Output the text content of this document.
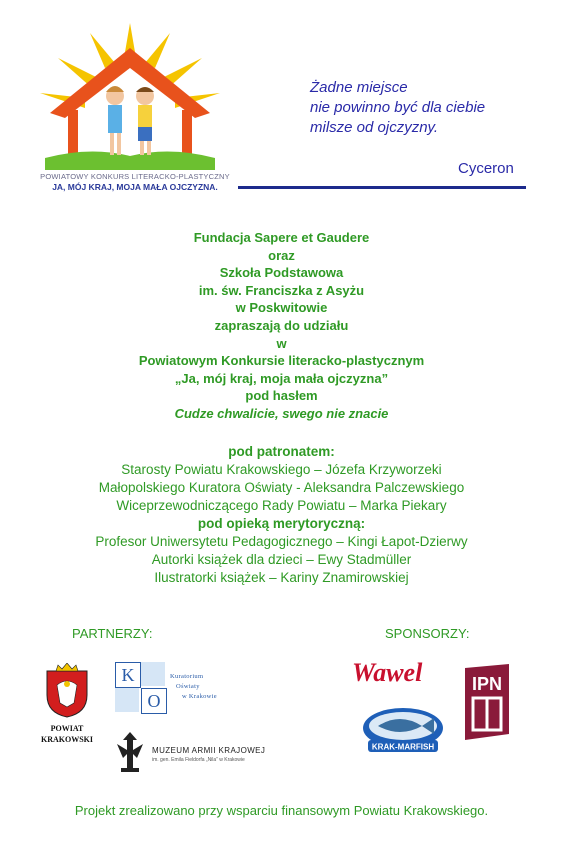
POWIATOWY KONKURS LITERACKO-PLASTYCZNY
JA, MÓJ KRAJ, MOJA MAŁA OJCZYZNA.
Żadne miejsce
nie powinno być dla ciebie
milsze od ojczyzny.
Cyceron
Fundacja Sapere et Gaudere
oraz
Szkoła Podstawowa
im. św. Franciszka z Asyżu
w Poskwitowie
zapraszają do udziału
w
Powiatowym Konkursie literacko-plastycznym
„Ja, mój kraj, moja mała ojczyzna”
pod hasłem
Cudze chwalicie, swego nie znacie
pod patronatem:
Starosty Powiatu Krakowskiego – Józefa Krzyworzeki
Małopolskiego Kuratora Oświaty - Aleksandra Palczewskiego
Wiceprzewodniczącego Rady Powiatu – Marka Piekary
pod opieką merytoryczną:
Profesor Uniwersytetu Pedagogicznego – Kingi Łapot-Dzierwy
Autorki książek dla dzieci – Ewy Stadmüller
Ilustratorki książek – Kariny Znamirowskiej
PARTNERZY:	SPONSORZY:
POWIAT
KRAKOWSKI
K
O
Kuratorium
Oświaty
w Krakowie
MUZEUM ARMII KRAJOWEJ
im. gen. Emila Fieldorfa „Nila” w Krakowie
Wawel
KRAK-MARFISH
IPN
Projekt zrealizowano przy wsparciu finansowym Powiatu Krakowskiego.
